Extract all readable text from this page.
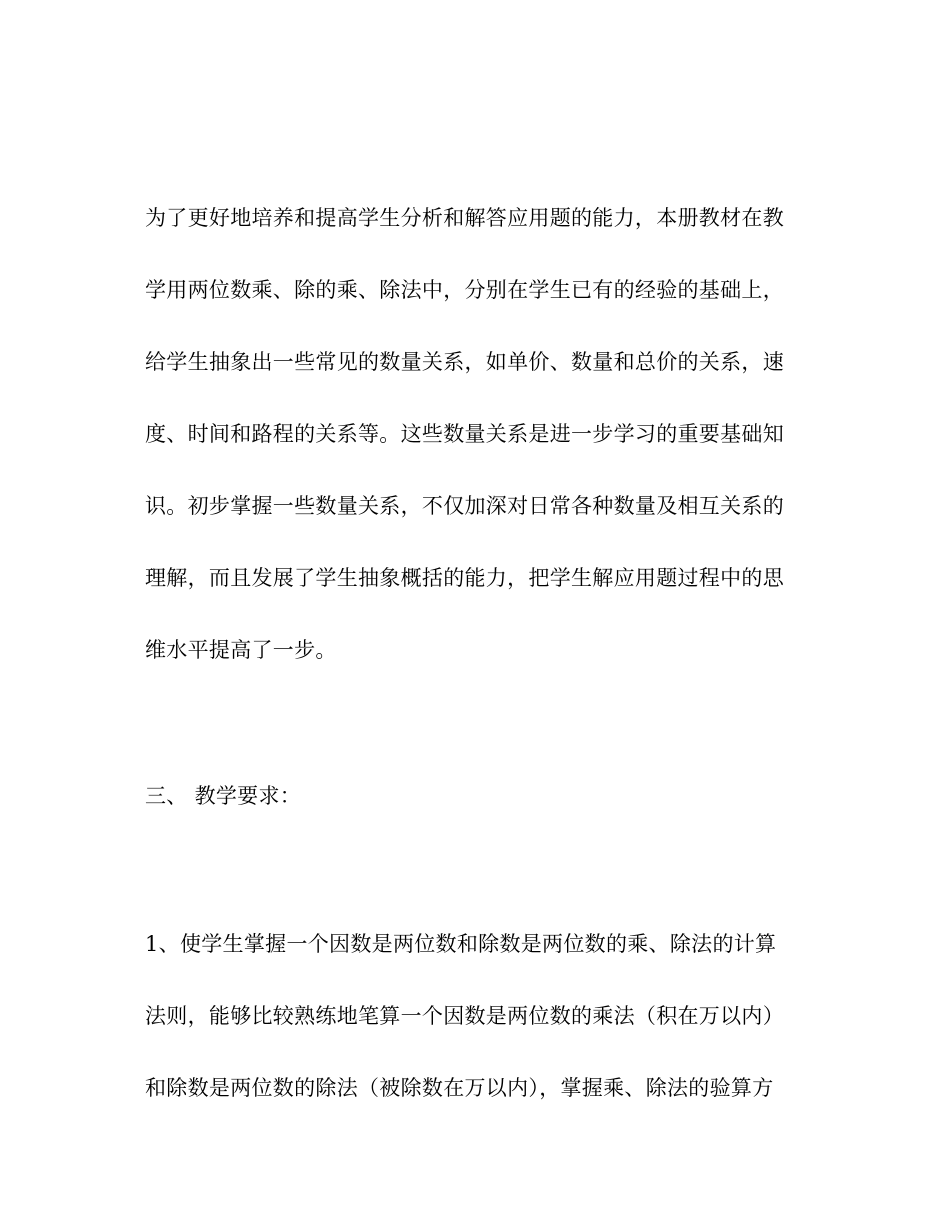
为了更好地培养和提高学生分析和解答应用题的能力，本册教材在教
学用两位数乘、除的乘、除法中，分别在学生已有的经验的基础上，
给学生抽象出一些常见的数量关系，如单价、数量和总价的关系，速
度、时间和路程的关系等。这些数量关系是进一步学习的重要基础知
识。初步掌握一些数量关系，不仅加深对日常各种数量及相互关系的
理解，而且发展了学生抽象概括的能力，把学生解应用题过程中的思
维水平提高了一步。
三、 教学要求：
1、使学生掌握一个因数是两位数和除数是两位数的乘、除法的计算
法则，能够比较熟练地笔算一个因数是两位数的乘法（积在万以内）
和除数是两位数的除法（被除数在万以内），掌握乘、除法的验算方
